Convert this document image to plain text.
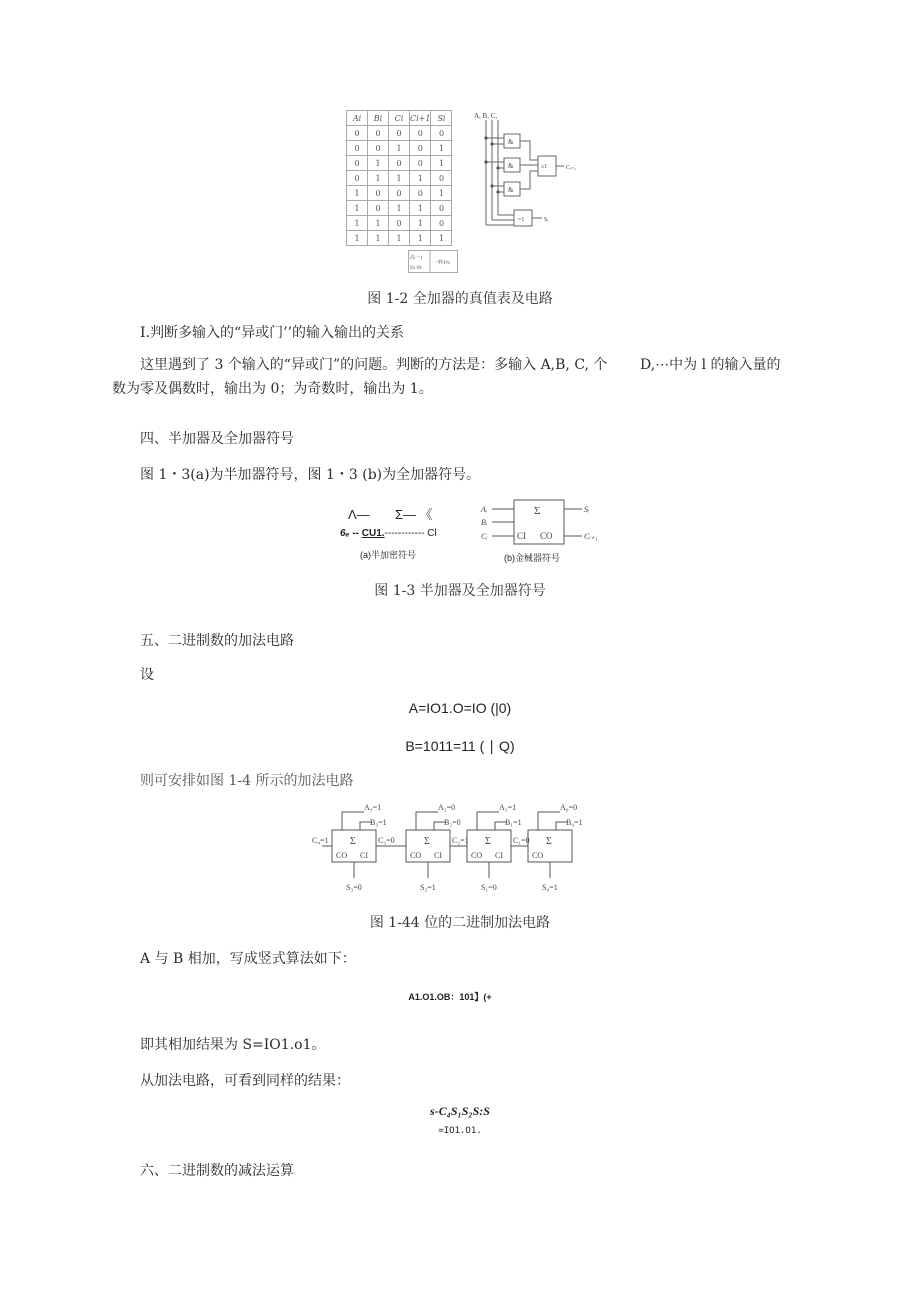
Ai	Bi	Ci	Ci+1	Si
0	0	0	0	0
0	0	1	0	1
0	1	0	0	1
0	1	1	1	0
1	0	0	0	1
1	0	1	1	0
1	1	0	1	0
1	1	1	1	1
A, B, C,
&
&
&
≥1
=1
Cᵢ₊₁
Sᵢ
高一1
S1·01
一样1%
图 1-2 全加器的真值表及电路
I.判断多输入的“异或门’’的输入输出的关系
这里遇到了 3 个输入的“异或门”的问题。判断的方法是：多输入 A,B, C, 个 D,⋯中为 l 的输入量的
数为零及偶数时，输出为 0；为奇数时，输出为 1。
四、半加器及全加器符号
图 1・3(a)为半加器符号，图 1・3 (b)为全加器符号。
Λ—       Σ— 《
6ₑ -- CU1.------------ Cl
(a)半加密符号
Aᵢ
Bᵢ
Cᵢ
Σ
CI CO
Sᵢ
Cᵢ₊₁
(b)金械器符号
图 1-3 半加器及全加器符号
五、二进制数的加法电路
设
A=IO1.O=IO (|0)
B=1011=11 ( ∣ Q)
则可安排如图 1-4 所示的加法电路
A₃=1
B₃=1
A₂=0
B₂=0
A₁=1
B₁=1
A₀=0
B₀=1
Σ	Σ	Σ	Σ
CO CI	CO CI	CO CI	CO
C₄=1	C₃=0	C₂=1	C₁=0
S₃=0	S₂=1	S₁=0	S₀=1
图 1-44 位的二进制加法电路
A 与 B 相加，写成竖式算法如下：
A1.O1.OB：101】(+
即其相加结果为 S=IO1.o1。
从加法电路，可看到同样的结果：
s-C₄S₁S₂S:S
=IO1.O1.
六、二进制数的减法运算
